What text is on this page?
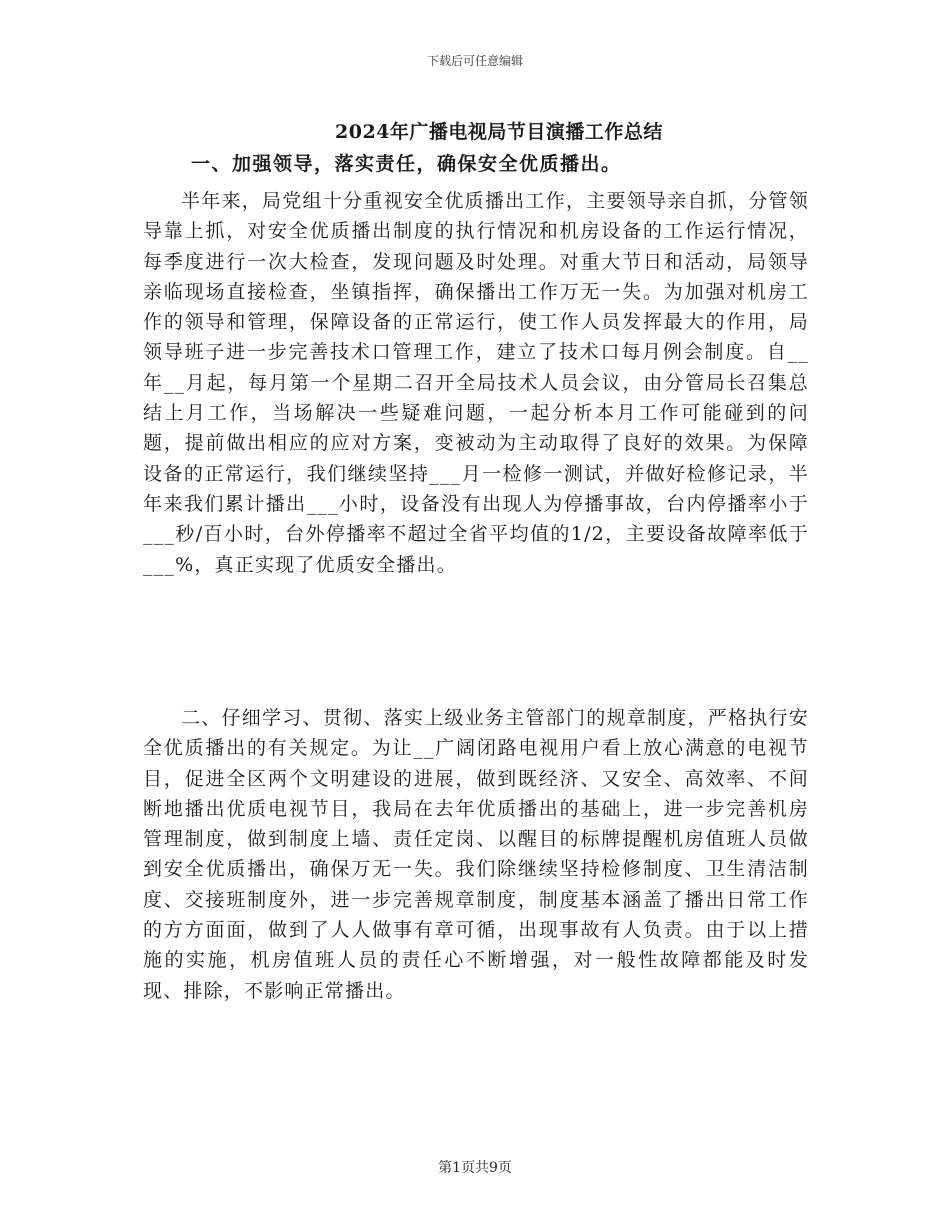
下载后可任意编辑
2024年广播电视局节目演播工作总结
一、加强领导，落实责任，确保安全优质播出。

半年来，局党组十分重视安全优质播出工作，主要领导亲自抓，分管领导靠上抓，对安全优质播出制度的执行情况和机房设备的工作运行情况，每季度进行一次大检查，发现问题及时处理。对重大节日和活动，局领导亲临现场直接检查，坐镇指挥，确保播出工作万无一失。为加强对机房工作的领导和管理，保障设备的正常运行，使工作人员发挥最大的作用，局领导班子进一步完善技术口管理工作，建立了技术口每月例会制度。自__年__月起，每月第一个星期二召开全局技术人员会议，由分管局长召集总结上月工作，当场解决一些疑难问题，一起分析本月工作可能碰到的问题，提前做出相应的应对方案，变被动为主动取得了良好的效果。为保障设备的正常运行，我们继续坚持___月一检修一测试，并做好检修记录，半年来我们累计播出___小时，设备没有出现人为停播事故，台内停播率小于___秒/百小时，台外停播率不超过全省平均值的1/2，主要设备故障率低于___%，真正实现了优质安全播出。

二、仔细学习、贯彻、落实上级业务主管部门的规章制度，严格执行安全优质播出的有关规定。为让__广阔闭路电视用户看上放心满意的电视节目，促进全区两个文明建设的进展，做到既经济、又安全、高效率、不间断地播出优质电视节目，我局在去年优质播出的基础上，进一步完善机房管理制度，做到制度上墙、责任定岗、以醒目的标牌提醒机房值班人员做到安全优质播出，确保万无一失。我们除继续坚持检修制度、卫生清洁制度、交接班制度外，进一步完善规章制度，制度基本涵盖了播出日常工作的方方面面，做到了人人做事有章可循，出现事故有人负责。由于以上措施的实施，机房值班人员的责任心不断增强，对一般性故障都能及时发现、排除，不影响正常播出。

第1页共9页
